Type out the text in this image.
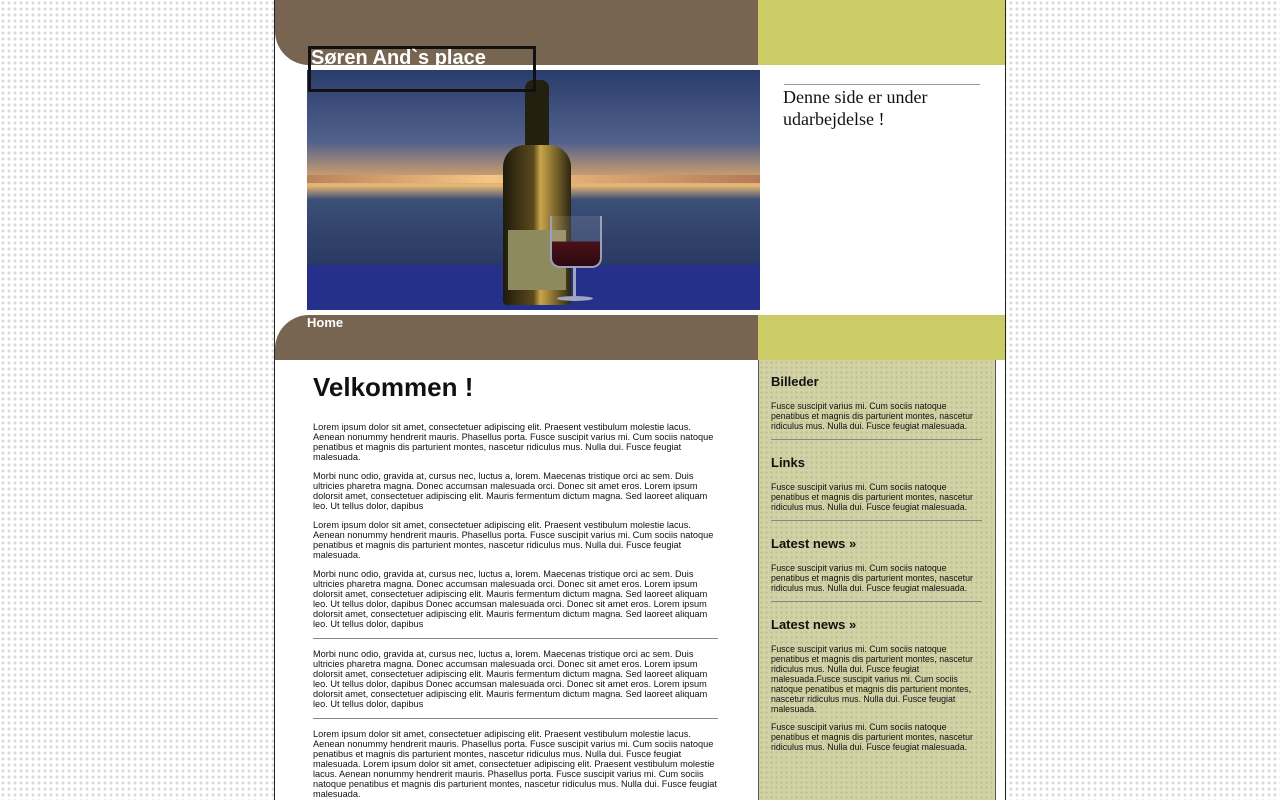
Søren And`s place
Denne side er under udarbejdelse !
Home
Velkommen !

Lorem ipsum dolor sit amet, consectetuer adipiscing elit. Praesent vestibulum molestie lacus. Aenean nonummy hendrerit mauris. Phasellus porta. Fusce suscipit varius mi. Cum sociis natoque penatibus et magnis dis parturient montes, nascetur ridiculus mus. Nulla dui. Fusce feugiat malesuada.

Morbi nunc odio, gravida at, cursus nec, luctus a, lorem. Maecenas tristique orci ac sem. Duis ultricies pharetra magna. Donec accumsan malesuada orci. Donec sit amet eros. Lorem ipsum dolorsit amet, consectetuer adipiscing elit. Mauris fermentum dictum magna. Sed laoreet aliquam leo. Ut tellus dolor, dapibus

Lorem ipsum dolor sit amet, consectetuer adipiscing elit. Praesent vestibulum molestie lacus. Aenean nonummy hendrerit mauris. Phasellus porta. Fusce suscipit varius mi. Cum sociis natoque penatibus et magnis dis parturient montes, nascetur ridiculus mus. Nulla dui. Fusce feugiat malesuada.

Morbi nunc odio, gravida at, cursus nec, luctus a, lorem. Maecenas tristique orci ac sem. Duis ultricies pharetra magna. Donec accumsan malesuada orci. Donec sit amet eros. Lorem ipsum dolorsit amet, consectetuer adipiscing elit. Mauris fermentum dictum magna. Sed laoreet aliquam leo. Ut tellus dolor, dapibus Donec accumsan malesuada orci. Donec sit amet eros. Lorem ipsum dolorsit amet, consectetuer adipiscing elit. Mauris fermentum dictum magna. Sed laoreet aliquam leo. Ut tellus dolor, dapibus

Morbi nunc odio, gravida at, cursus nec, luctus a, lorem. Maecenas tristique orci ac sem. Duis ultricies pharetra magna. Donec accumsan malesuada orci. Donec sit amet eros. Lorem ipsum dolorsit amet, consectetuer adipiscing elit. Mauris fermentum dictum magna. Sed laoreet aliquam leo. Ut tellus dolor, dapibus Donec accumsan malesuada orci. Donec sit amet eros. Lorem ipsum dolorsit amet, consectetuer adipiscing elit. Mauris fermentum dictum magna. Sed laoreet aliquam leo. Ut tellus dolor, dapibus

Lorem ipsum dolor sit amet, consectetuer adipiscing elit. Praesent vestibulum molestie lacus. Aenean nonummy hendrerit mauris. Phasellus porta. Fusce suscipit varius mi. Cum sociis natoque penatibus et magnis dis parturient montes, nascetur ridiculus mus. Nulla dui. Fusce feugiat malesuada. Lorem ipsum dolor sit amet, consectetuer adipiscing elit. Praesent vestibulum molestie lacus. Aenean nonummy hendrerit mauris. Phasellus porta. Fusce suscipit varius mi. Cum sociis natoque penatibus et magnis dis parturient montes, nascetur ridiculus mus. Nulla dui. Fusce feugiat malesuada.

Billeder

Fusce suscipit varius mi. Cum sociis natoque penatibus et magnis dis parturient montes, nascetur ridiculus mus. Nulla dui. Fusce feugiat malesuada.

Links

Fusce suscipit varius mi. Cum sociis natoque penatibus et magnis dis parturient montes, nascetur ridiculus mus. Nulla dui. Fusce feugiat malesuada.

Latest news »

Fusce suscipit varius mi. Cum sociis natoque penatibus et magnis dis parturient montes, nascetur ridiculus mus. Nulla dui. Fusce feugiat malesuada.

Latest news »

Fusce suscipit varius mi. Cum sociis natoque penatibus et magnis dis parturient montes, nascetur ridiculus mus. Nulla dui. Fusce feugiat malesuada.Fusce suscipit varius mi. Cum sociis natoque penatibus et magnis dis parturient montes, nascetur ridiculus mus. Nulla dui. Fusce feugiat malesuada.

Fusce suscipit varius mi. Cum sociis natoque penatibus et magnis dis parturient montes, nascetur ridiculus mus. Nulla dui. Fusce feugiat malesuada.
